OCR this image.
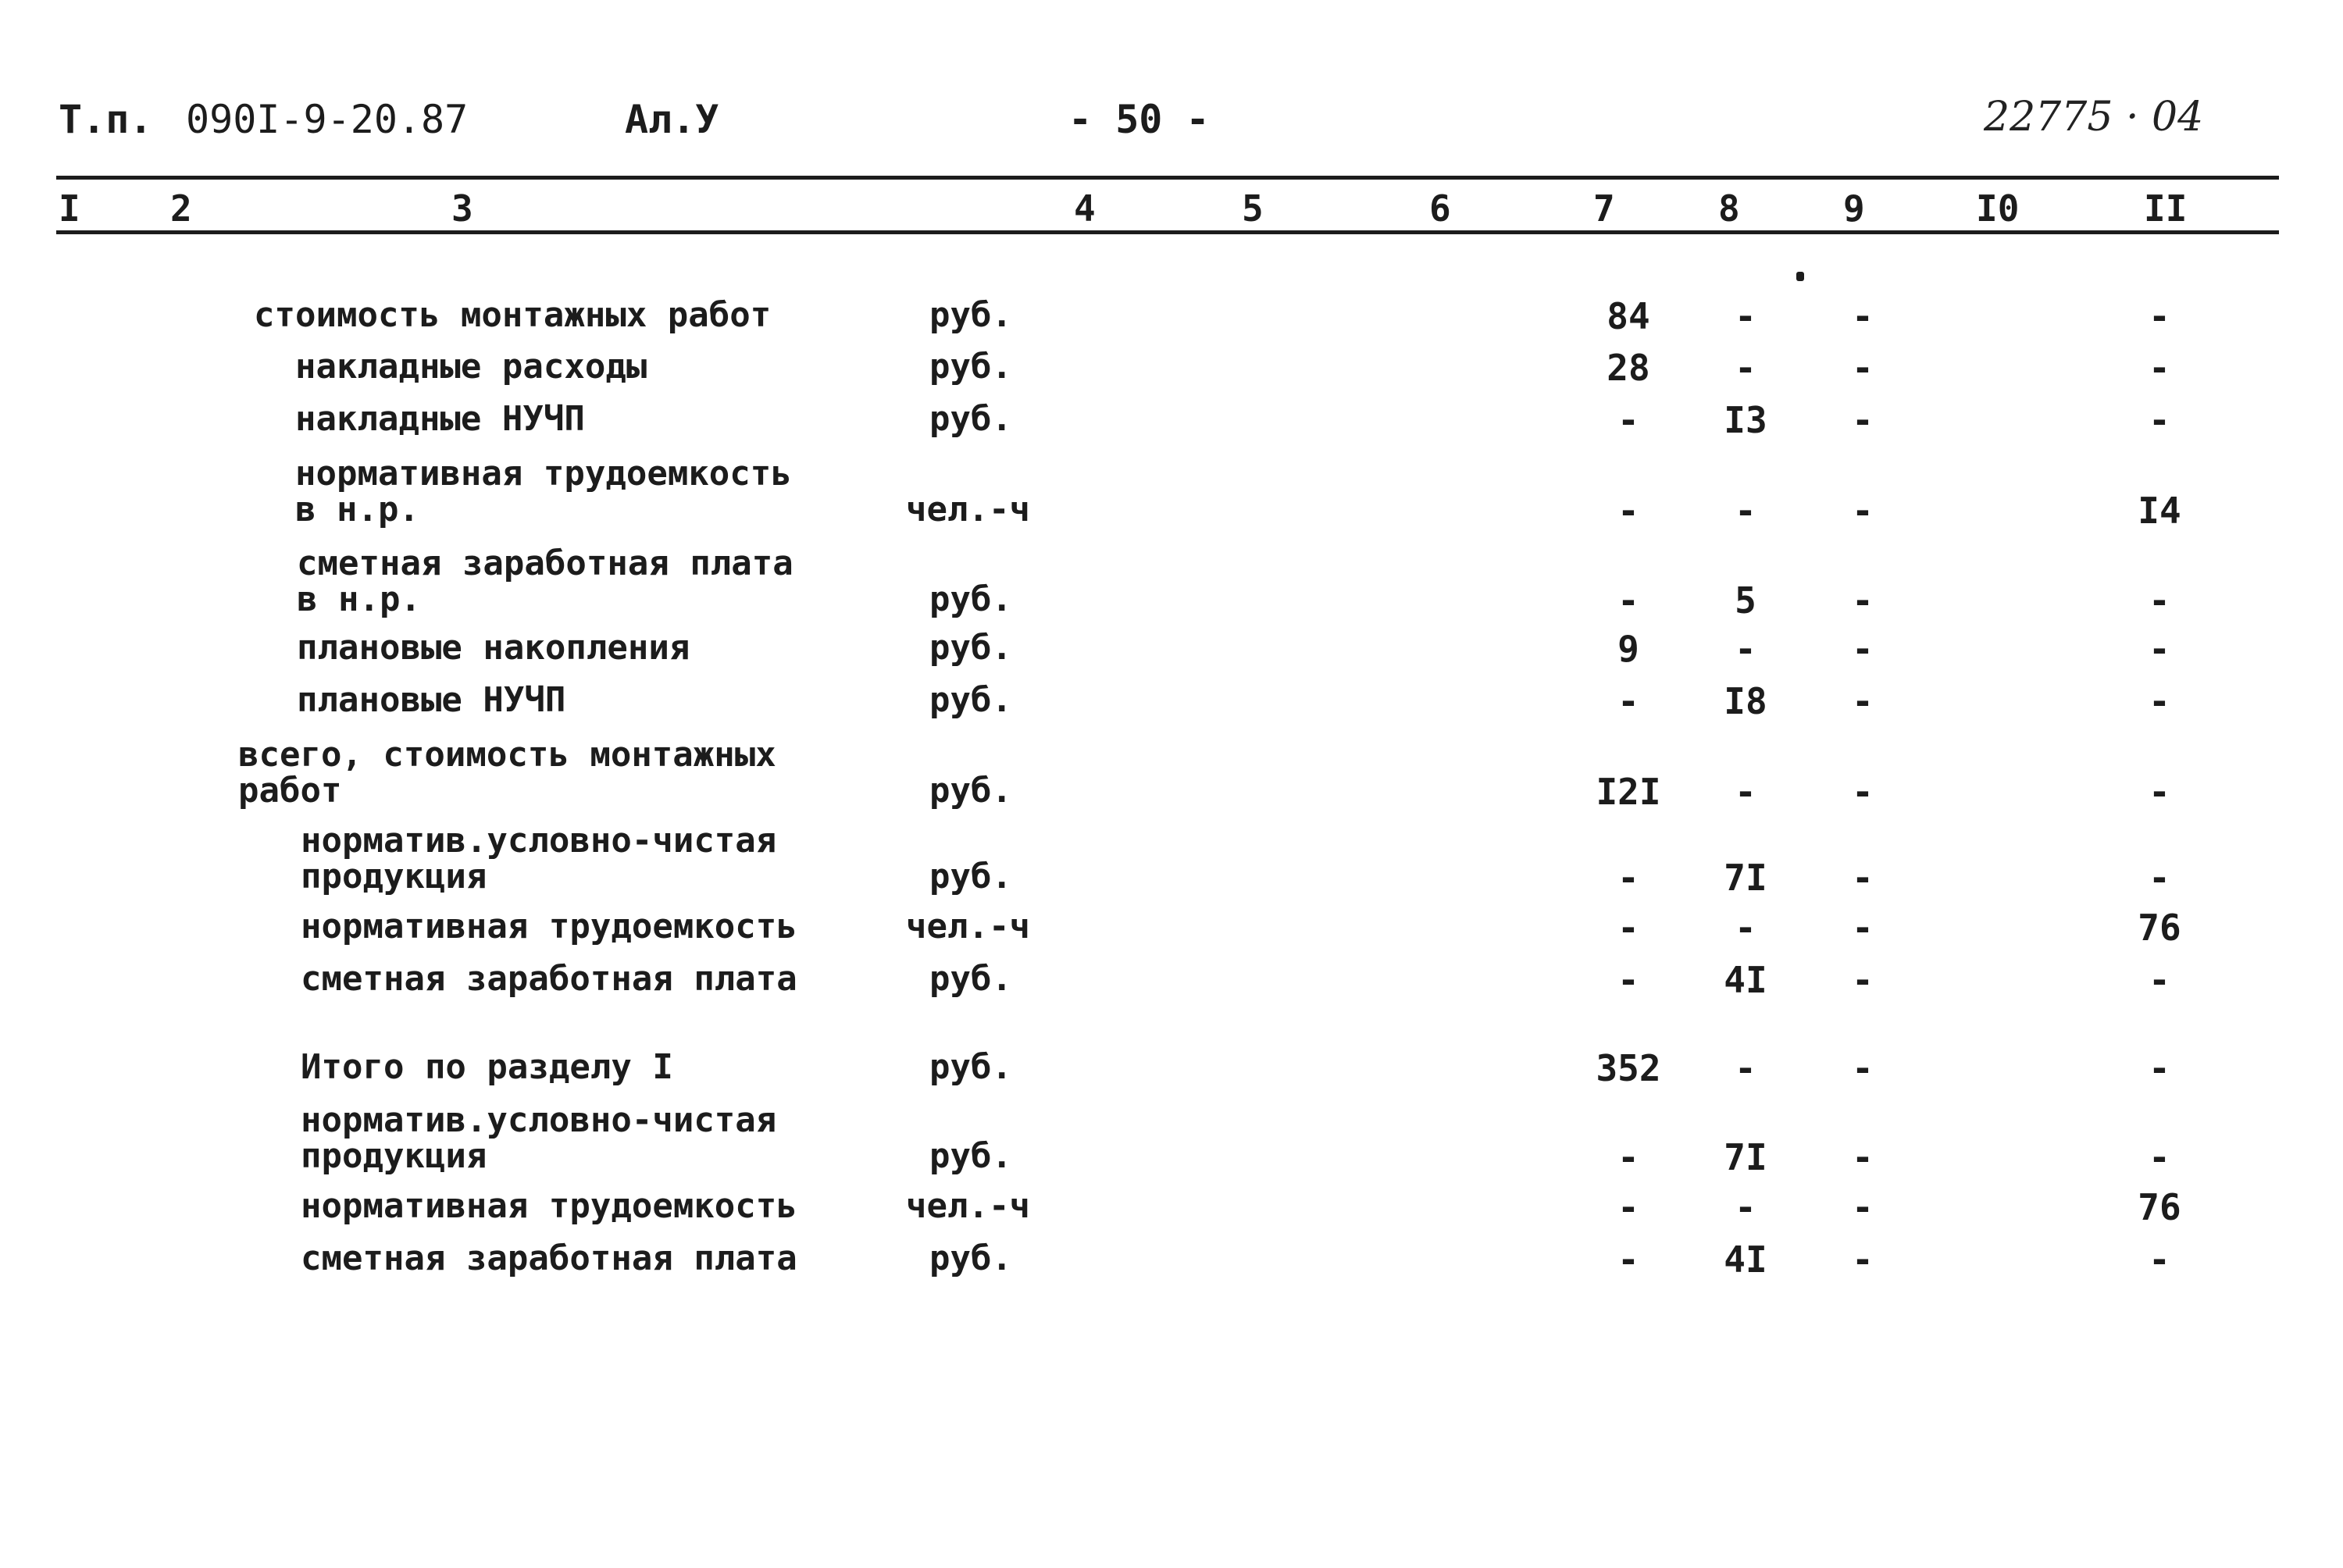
Т.п. 090I-9-20.87	Ал.У	- 50 -	22775 · 04
I	2	3	4	5	6	7	8	9	I0	II
стоимость монтажных работ	руб.	84	-	-	-
накладные расходы	руб.	28	-	-	-
накладные НУЧП	руб.	-	I3	-	-
нормативная трудоемкость
в н.р.	чел.-ч	-	-	-	I4
сметная заработная плата
в н.р.	руб.	-	5	-	-
плановые накопления	руб.	9	-	-	-
плановые НУЧП	руб.	-	I8	-	-
всего, стоимость монтажных
работ	руб.	I2I	-	-	-
норматив.условно-чистая
продукция	руб.	-	7I	-	-
нормативная трудоемкость	чел.-ч	-	-	-	76
сметная заработная плата	руб.	-	4I	-	-
Итого по разделу I	руб.	352	-	-	-
норматив.условно-чистая
продукция	руб.	-	7I	-	-
нормативная трудоемкость	чел.-ч	-	-	-	76
сметная заработная плата	руб.	-	4I	-	-
